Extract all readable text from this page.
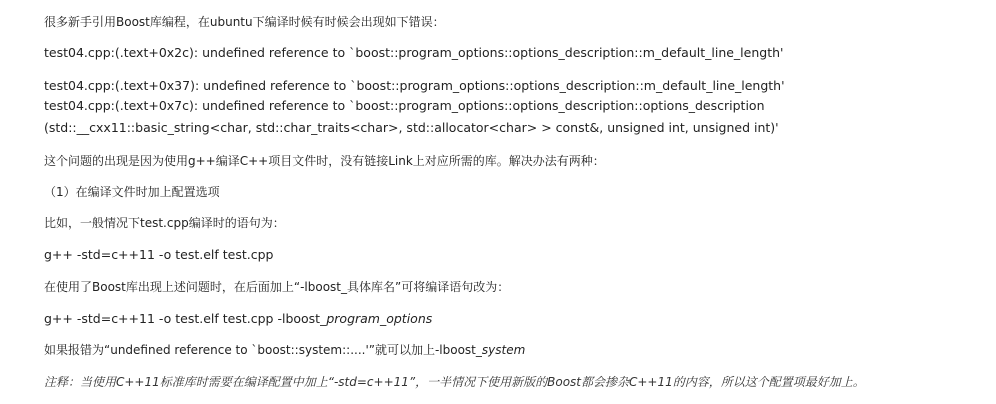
很多新手引用Boost库编程，在ubuntu下编译时候有时候会出现如下错误：
test04.cpp:(.text+0x2c): undefined reference to `boost::program_options::options_description::m_default_line_length'
test04.cpp:(.text+0x37): undefined reference to `boost::program_options::options_description::m_default_line_length'
test04.cpp:(.text+0x7c): undefined reference to `boost::program_options::options_description::options_description
(std::__cxx11::basic_string<char, std::char_traits<char>, std::allocator<char> > const&, unsigned int, unsigned int)'
这个问题的出现是因为使用g++编译C++项目文件时，没有链接Link上对应所需的库。解决办法有两种：
（1）在编译文件时加上配置选项
比如，一般情况下test.cpp编译时的语句为：
g++ -std=c++11 -o test.elf test.cpp
在使用了Boost库出现上述问题时，在后面加上“-lboost_具体库名”可将编译语句改为：
g++ -std=c++11 -o test.elf test.cpp -lboost_program_options
如果报错为“undefined reference to `boost::system::....'”就可以加上-lboost_system
注释：当使用C++11标准库时需要在编译配置中加上“-std=c++11”，一半情况下使用新版的Boost都会掺杂C++11的内容，所以这个配置项最好加上。
